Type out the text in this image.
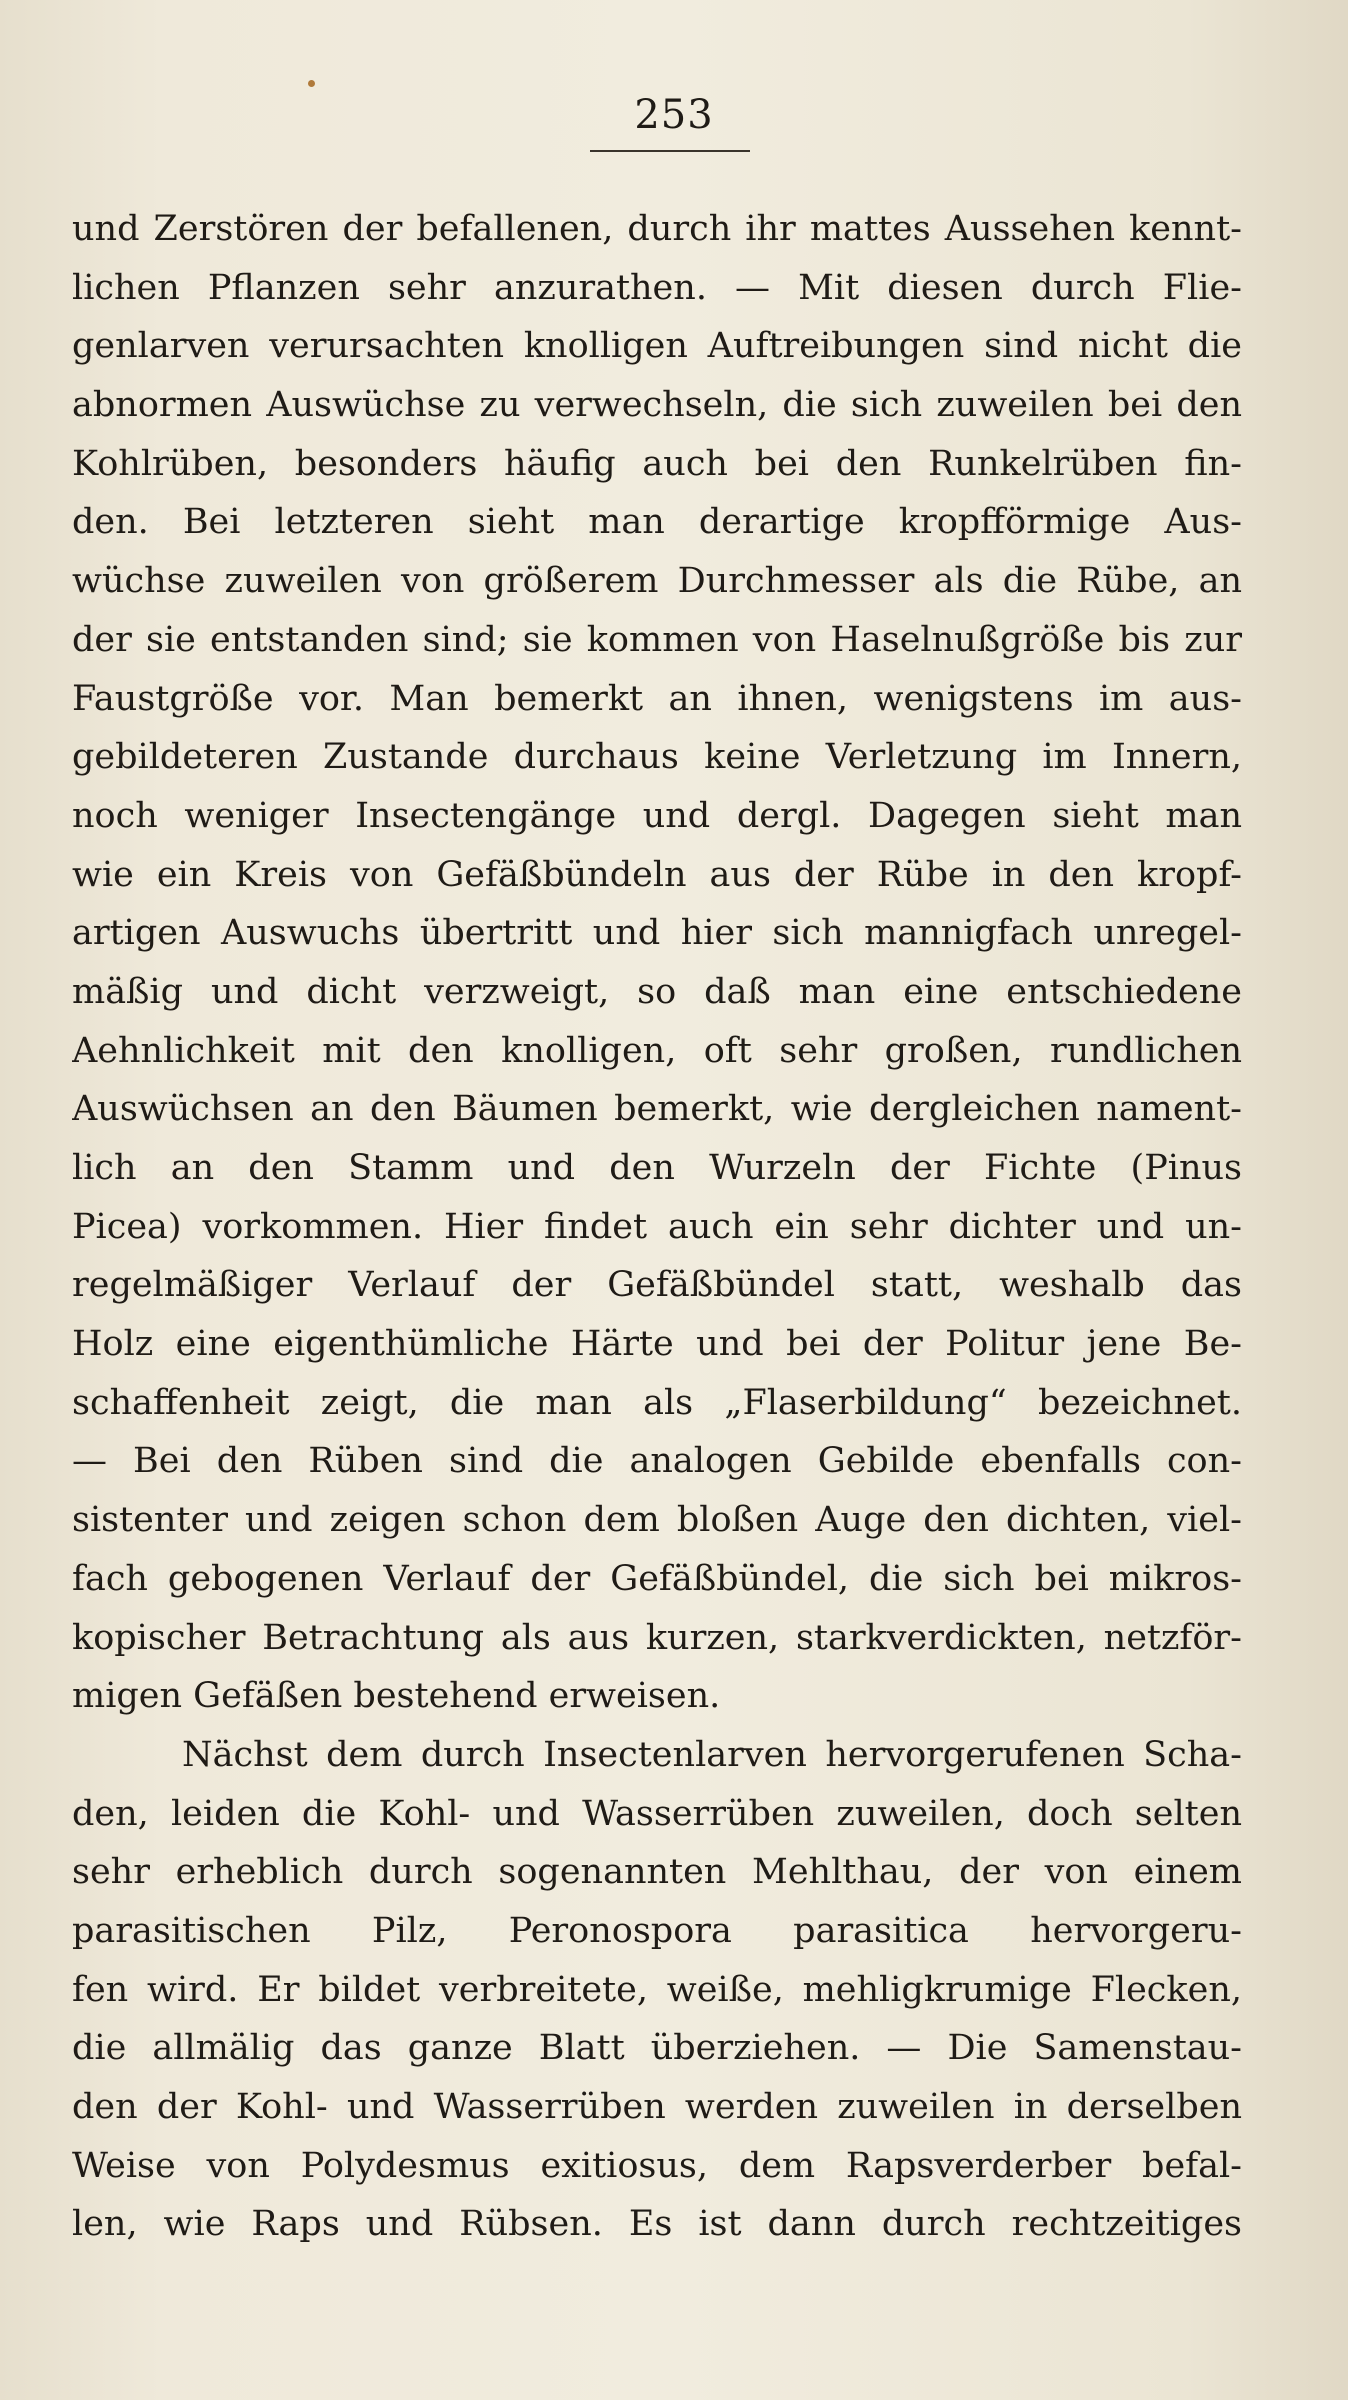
253
und Zerstören der befallenen, durch ihr mattes Aussehen kennt-
lichen Pflanzen sehr anzurathen. — Mit diesen durch Flie-
genlarven verursachten knolligen Auftreibungen sind nicht die
abnormen Auswüchse zu verwechseln, die sich zuweilen bei den
Kohlrüben, besonders häufig auch bei den Runkelrüben fin-
den. Bei letzteren sieht man derartige kropfförmige Aus-
wüchse zuweilen von größerem Durchmesser als die Rübe, an
der sie entstanden sind; sie kommen von Haselnußgröße bis zur
Faustgröße vor. Man bemerkt an ihnen, wenigstens im aus-
gebildeteren Zustande durchaus keine Verletzung im Innern,
noch weniger Insectengänge und dergl. Dagegen sieht man
wie ein Kreis von Gefäßbündeln aus der Rübe in den kropf-
artigen Auswuchs übertritt und hier sich mannigfach unregel-
mäßig und dicht verzweigt, so daß man eine entschiedene
Aehnlichkeit mit den knolligen, oft sehr großen, rundlichen
Auswüchsen an den Bäumen bemerkt, wie dergleichen nament-
lich an den Stamm und den Wurzeln der Fichte (Pinus
Picea) vorkommen. Hier findet auch ein sehr dichter und un-
regelmäßiger Verlauf der Gefäßbündel statt, weshalb das
Holz eine eigenthümliche Härte und bei der Politur jene Be-
schaffenheit zeigt, die man als „Flaserbildung“ bezeichnet.
— Bei den Rüben sind die analogen Gebilde ebenfalls con-
sistenter und zeigen schon dem bloßen Auge den dichten, viel-
fach gebogenen Verlauf der Gefäßbündel, die sich bei mikros-
kopischer Betrachtung als aus kurzen, starkverdickten, netzför-
migen Gefäßen bestehend erweisen.
Nächst dem durch Insectenlarven hervorgerufenen Scha-
den, leiden die Kohl- und Wasserrüben zuweilen, doch selten
sehr erheblich durch sogenannten Mehlthau, der von einem
parasitischen Pilz, Peronospora parasitica hervorgeru-
fen wird. Er bildet verbreitete, weiße, mehligkrumige Flecken,
die allmälig das ganze Blatt überziehen. — Die Samenstau-
den der Kohl- und Wasserrüben werden zuweilen in derselben
Weise von Polydesmus exitiosus, dem Rapsverderber befal-
len, wie Raps und Rübsen. Es ist dann durch rechtzeitiges
